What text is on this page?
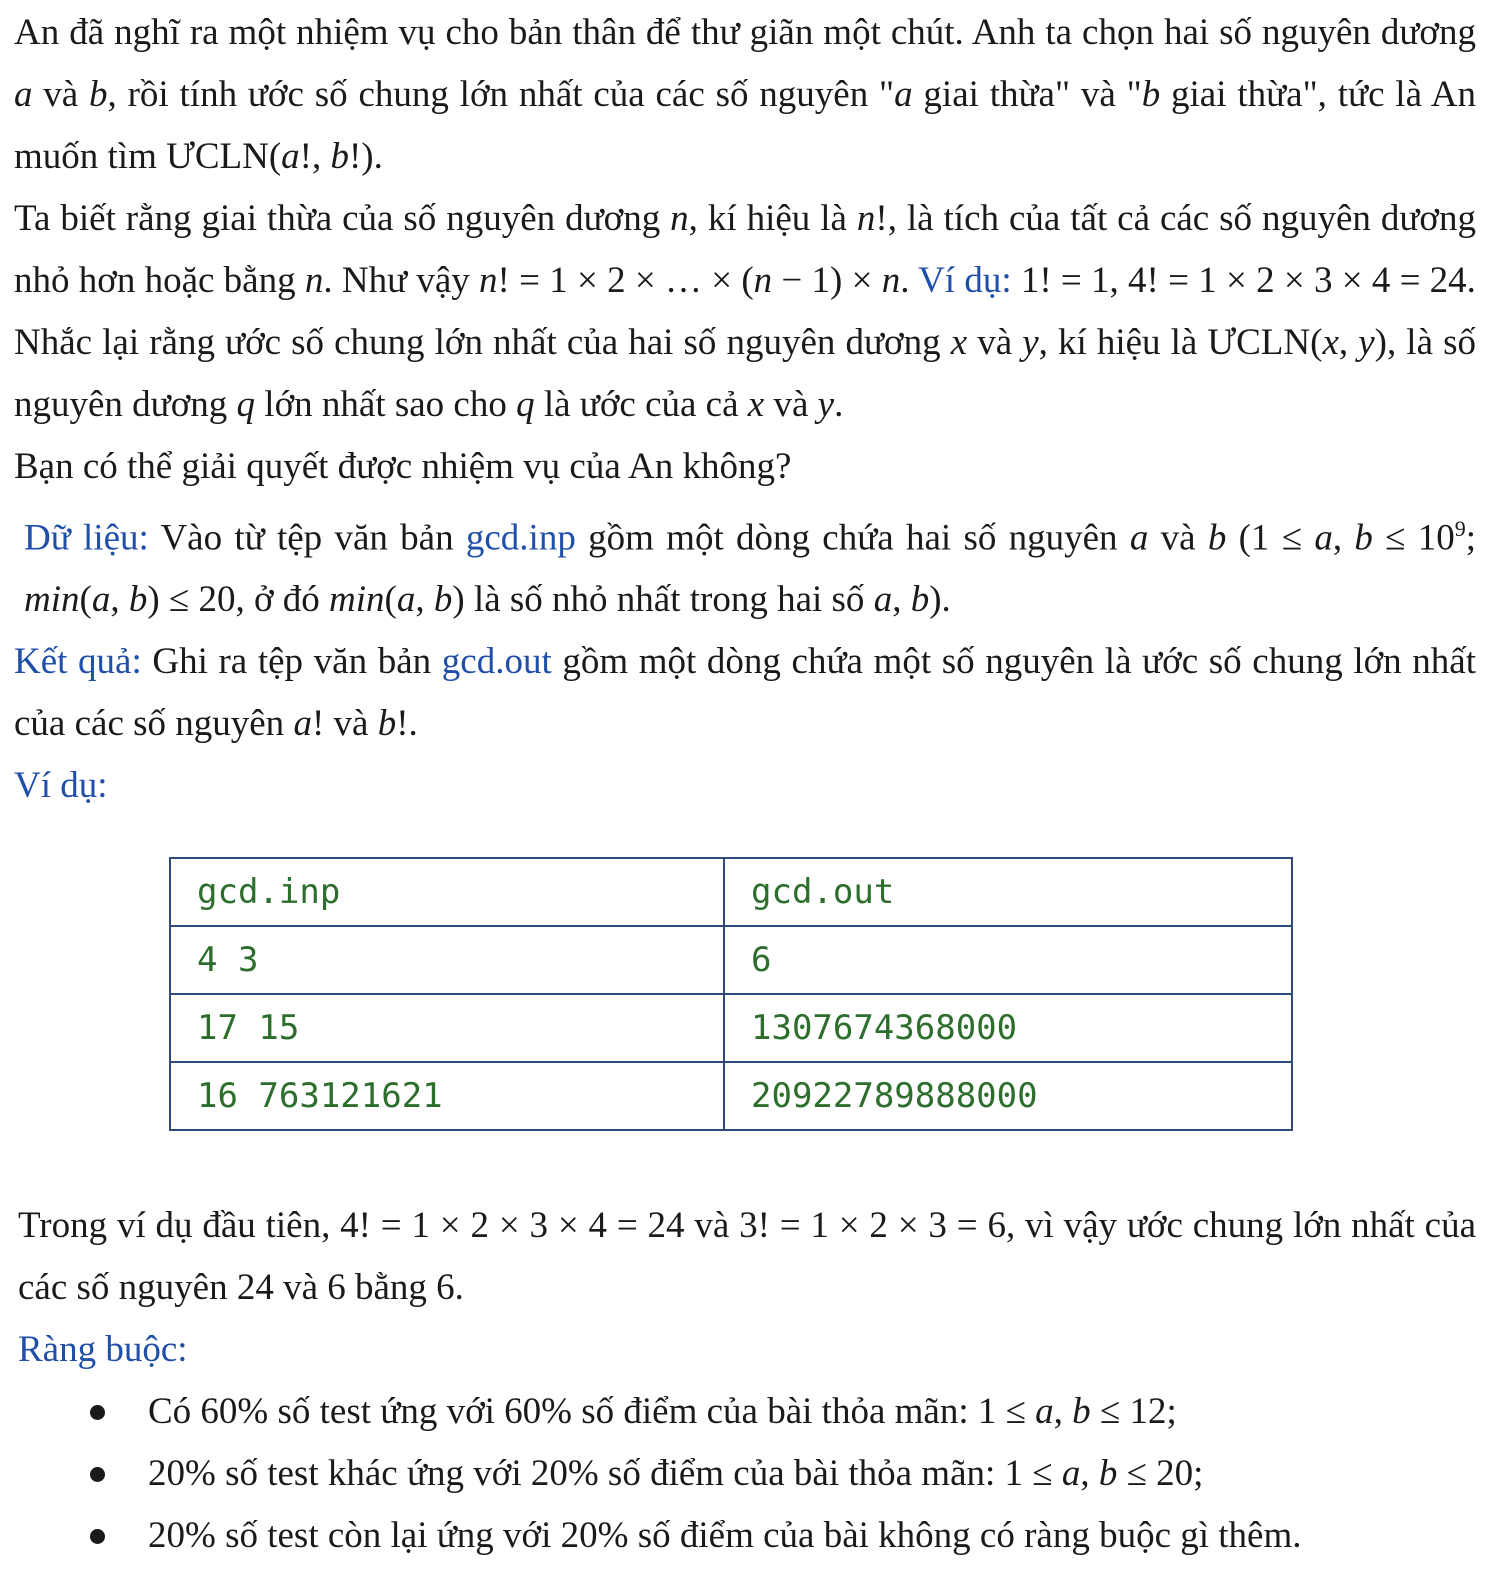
An đã nghĩ ra một nhiệm vụ cho bản thân để thư giãn một chút. Anh ta chọn hai số nguyên dương a và b, rồi tính ước số chung lớn nhất của các số nguyên "a giai thừa" và "b giai thừa", tức là An muốn tìm ƯCLN(a!, b!).

Ta biết rằng giai thừa của số nguyên dương n, kí hiệu là n!, là tích của tất cả các số nguyên dương nhỏ hơn hoặc bằng n. Như vậy n! = 1 × 2 × … × (n − 1) × n. Ví dụ: 1! = 1, 4! = 1 × 2 × 3 × 4 = 24.

Nhắc lại rằng ước số chung lớn nhất của hai số nguyên dương x và y, kí hiệu là ƯCLN(x, y), là số nguyên dương q lớn nhất sao cho q là ước của cả x và y.

Bạn có thể giải quyết được nhiệm vụ của An không?

Dữ liệu: Vào từ tệp văn bản gcd.inp gồm một dòng chứa hai số nguyên a và b (1 ≤ a, $b \le 10^9$; min(a, b) ≤ 20, ở đó min(a, b) là số nhỏ nhất trong hai số a, b).

Kết quả: Ghi ra tệp văn bản gcd.out gồm một dòng chứa một số nguyên là ước số chung lớn nhất của các số nguyên a! và b!.

Ví dụ:

gcd.inp	gcd.out
4 3	6
17 15	1307674368000
16 763121621	20922789888000

Trong ví dụ đầu tiên, 4! = 1 × 2 × 3 × 4 = 24 và 3! = 1 × 2 × 3 = 6, vì vậy ước chung lớn nhất của các số nguyên 24 và 6 bằng 6.

Ràng buộc:

Có 60% số test ứng với 60% số điểm của bài thỏa mãn: 1 ≤ a, b ≤ 12;
20% số test khác ứng với 20% số điểm của bài thỏa mãn: 1 ≤ a, b ≤ 20;
20% số test còn lại ứng với 20% số điểm của bài không có ràng buộc gì thêm.
